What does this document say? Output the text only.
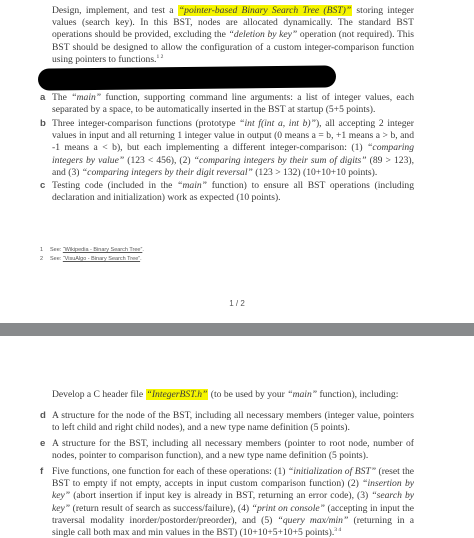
Design, implement, and test a “pointer-based Binary Search Tree (BST)” storing integer values (search key). In this BST, nodes are allocated dynamically. The standard BST operations should be provided, excluding the “deletion by key” operation (not required). This BST should be designed to allow the configuration of a custom integer-comparison function using pointers to functions.$^{1 2}$
a The “main” function, supporting command line arguments: a list of integer values, each separated by a space, to be automatically inserted in the BST at startup (5+5 points).
b Three integer-comparison functions (prototype “int f(int a, int b)”), all accepting 2 integer values in input and all returning 1 integer value in output (0 means a = b, +1 means a > b, and -1 means a < b), but each implementing a different integer-comparison: (1) “comparing integers by value” (123 < 456), (2) “comparing integers by their sum of digits” (89 > 123), and (3) “comparing integers by their digit reversal” (123 > 132) (10+10+10 points).
c Testing code (included in the “main” function) to ensure all BST operations (including declaration and initialization) work as expected (10 points).
1 See: “Wikipedia - Binary Search Tree”.
2 See: “VisuAlgo - Binary Search Tree”.
1 / 2
Develop a C header file “IntegerBST.h” (to be used by your “main” function), including:
d A structure for the node of the BST, including all necessary members (integer value, pointers to left child and right child nodes), and a new type name definition (5 points).
e A structure for the BST, including all necessary members (pointer to root node, number of nodes, pointer to comparison function), and a new type name definition (5 points).
f Five functions, one function for each of these operations: (1) “initialization of BST” (reset the BST to empty if not empty, accepts in input custom comparison function) (2) “insertion by key” (abort insertion if input key is already in BST, returning an error code), (3) “search by key” (return result of search as success/failure), (4) “print on console” (accepting in input the traversal modality inorder/postorder/preorder), and (5) “query max/min” (returning in a single call both max and min values in the BST) (10+10+5+10+5 points).$^{3 4}$
